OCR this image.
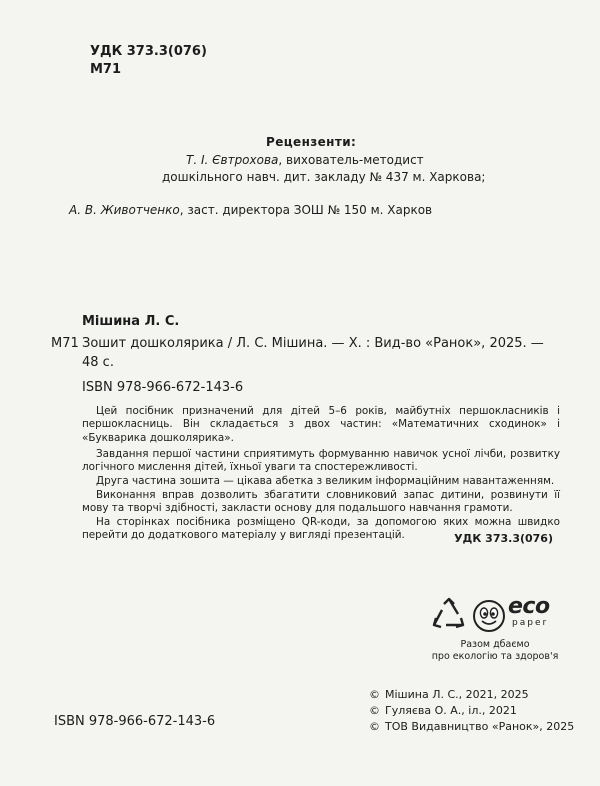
УДК 373.3(076)
М71
Рецензенти:
Т. І. Євтрохова, вихователь-методист
дошкільного навч. дит. закладу № 437 м. Харкова;
А. В. Животченко, заст. директора ЗОШ № 150 м. Харков
Мішина Л. С.
М71 Зошит дошколярика / Л. С. Мішина. — Х. : Вид-во «Ранок», 2025. —
48 с.
ISBN 978-966-672-143-6

Цей посібник призначений для дітей 5–6 років, майбутніх першокласників і першокласниць. Він складається з двох частин: «Математичних сходинок» і «Букварика дошколярика».

Завдання першої частини сприятимуть формуванню навичок усної лічби, розвитку логічного мислення дітей, їхньої уваги та спостережливості.

Друга частина зошита — цікава абетка з великим інформаційним навантаженням.

Виконання вправ дозволить збагатити словниковий запас дитини, розвинути її мову та творчі здібності, закласти основу для подальшого навчання грамоти.

На сторінках посібника розміщено QR-коди, за допомогою яких можна швидко перейти до додаткового матеріалу у вигляді презентацій.	УДК 373.3(076)
eco
paper
Разом дбаємо
про екологію та здоров'я
ISBN 978-966-672-143-6
© Мішина Л. С., 2021, 2025
© Гуляєва О. А., іл., 2021
© ТОВ Видавництво «Ранок», 2025
